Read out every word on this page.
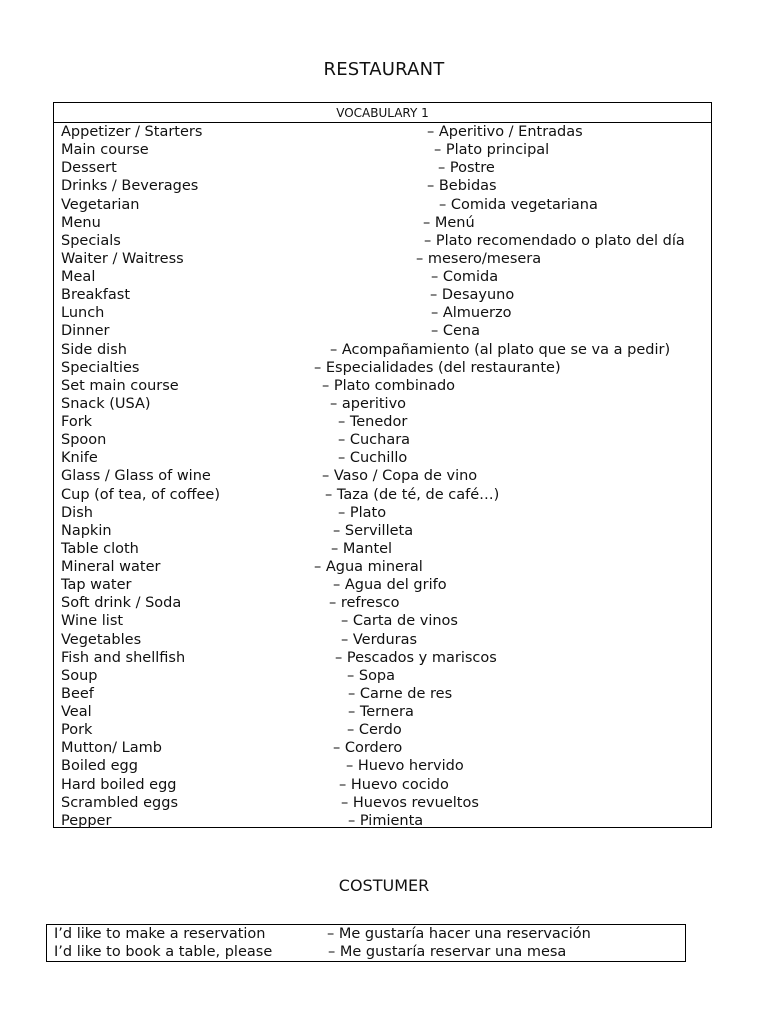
RESTAURANT
VOCABULARY 1
Appetizer / Starters	– Aperitivo / Entradas
Main course	– Plato principal
Dessert	– Postre
Drinks / Beverages	– Bebidas
Vegetarian	– Comida vegetariana
Menu	– Menú
Specials	– Plato recomendado o plato del día
Waiter / Waitress	– mesero/mesera
Meal	– Comida
Breakfast	– Desayuno
Lunch	– Almuerzo
Dinner	– Cena
Side dish	– Acompañamiento (al plato que se va a pedir)
Specialties	– Especialidades (del restaurante)
Set main course	– Plato combinado
Snack (USA)	– aperitivo
Fork	– Tenedor
Spoon	– Cuchara
Knife	– Cuchillo
Glass / Glass of wine	– Vaso / Copa de vino
Cup (of tea, of coffee)	– Taza (de té, de café…)
Dish	– Plato
Napkin	– Servilleta
Table cloth	– Mantel
Mineral water	– Agua mineral
Tap water	– Agua del grifo
Soft drink / Soda	– refresco
Wine list	– Carta de vinos
Vegetables	– Verduras
Fish and shellfish	– Pescados y mariscos
Soup	– Sopa
Beef	– Carne de res
Veal	– Ternera
Pork	– Cerdo
Mutton/ Lamb	– Cordero
Boiled egg	– Huevo hervido
Hard boiled egg	– Huevo cocido
Scrambled eggs	– Huevos revueltos
Pepper	– Pimienta
COSTUMER
I’d like to make a reservation	– Me gustaría hacer una reservación
I’d like to book a table, please	– Me gustaría reservar una mesa
